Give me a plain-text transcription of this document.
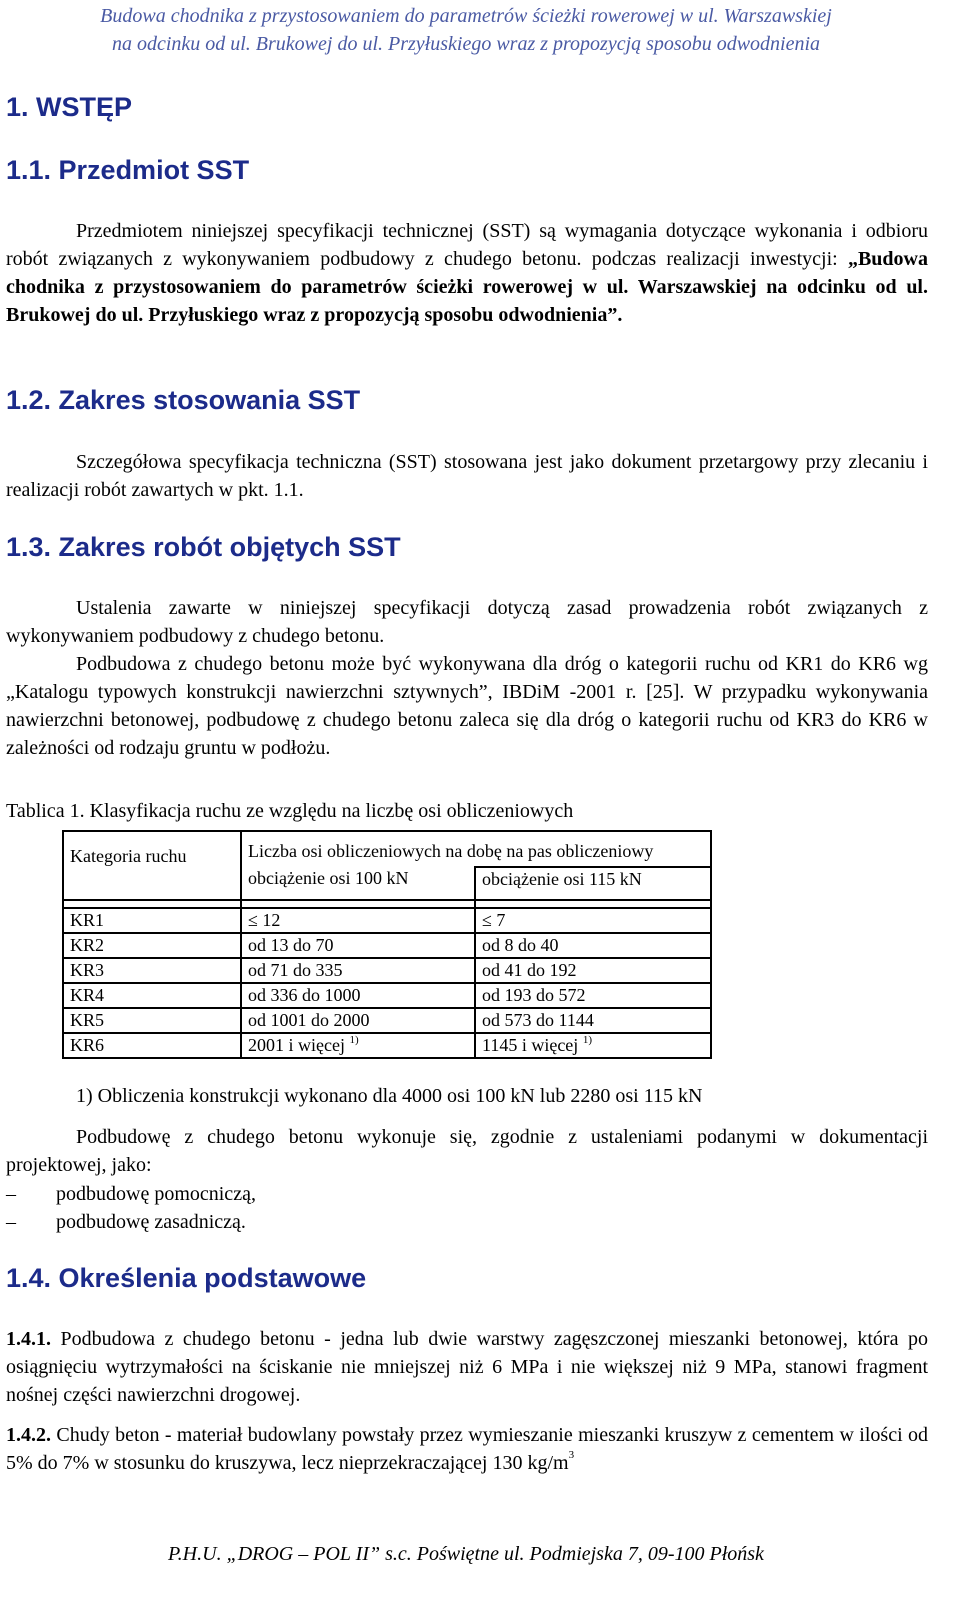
Budowa chodnika z przystosowaniem do parametrów ścieżki rowerowej w ul. Warszawskiej
na odcinku od ul. Brukowej do ul. Przyłuskiego wraz z propozycją sposobu odwodnienia
1. WSTĘP
1.1. Przedmiot SST

Przedmiotem niniejszej specyfikacji technicznej (SST) są wymagania dotyczące wykonania i odbioru robót związanych z wykonywaniem podbudowy z chudego betonu. podczas realizacji inwestycji: „Budowa chodnika z przystosowaniem do parametrów ścieżki rowerowej w ul. Warszawskiej na odcinku od ul. Brukowej do ul. Przyłuskiego wraz z propozycją sposobu odwodnienia”.

1.2. Zakres stosowania SST

Szczegółowa specyfikacja techniczna (SST) stosowana jest jako dokument przetargowy przy zlecaniu i realizacji robót zawartych w pkt. 1.1.

1.3. Zakres robót objętych SST

Ustalenia zawarte w niniejszej specyfikacji dotyczą zasad prowadzenia robót związanych z wykonywaniem podbudowy z chudego betonu.

Podbudowa z chudego betonu może być wykonywana dla dróg o kategorii ruchu od KR1 do KR6 wg „Katalogu typowych konstrukcji nawierzchni sztywnych”, IBDiM -2001 r. [25]. W przypadku wykonywania nawierzchni betonowej, podbudowę z chudego betonu zaleca się dla dróg o kategorii ruchu od KR3 do KR6 w zależności od rodzaju gruntu w podłożu.

Tablica 1. Klasyfikacja ruchu ze względu na liczbę osi obliczeniowych
Kategoria ruchu	Liczba osi obliczeniowych na dobę na pas obliczeniowy	
	obciążenie osi 100 kN	obciążenie osi 115 kN

KR1	≤ 12	≤ 7
KR2	od 13 do 70	od 8 do 40
KR3	od 71 do 335	od 41 do 192
KR4	od 336 do 1000	od 193 do 572
KR5	od 1001 do 2000	od 573 do 1144
KR6	2001 i więcej $^{1)}$	1145 i więcej $^{1)}$
1) Obliczenia konstrukcji wykonano dla 4000 osi 100 kN lub 2280 osi 115 kN

Podbudowę z chudego betonu wykonuje się, zgodnie z ustaleniami podanymi w dokumentacji projektowej, jako:

– podbudowę pomocniczą,
– podbudowę zasadniczą.
1.4. Określenia podstawowe

1.4.1. Podbudowa z chudego betonu - jedna lub dwie warstwy zagęszczonej mieszanki betonowej, która po osiągnięciu wytrzymałości na ściskanie nie mniejszej niż 6 MPa i nie większej niż 9 MPa, stanowi fragment nośnej części nawierzchni drogowej.

1.4.2. Chudy beton - materiał budowlany powstały przez wymieszanie mieszanki kruszyw z cementem w ilości od 5% do 7% w stosunku do kruszywa, lecz nieprzekraczającej 130 $kg/m^3$

P.H.U. „DROG – POL II” s.c. Poświętne ul. Podmiejska 7, 09-100 Płońsk
